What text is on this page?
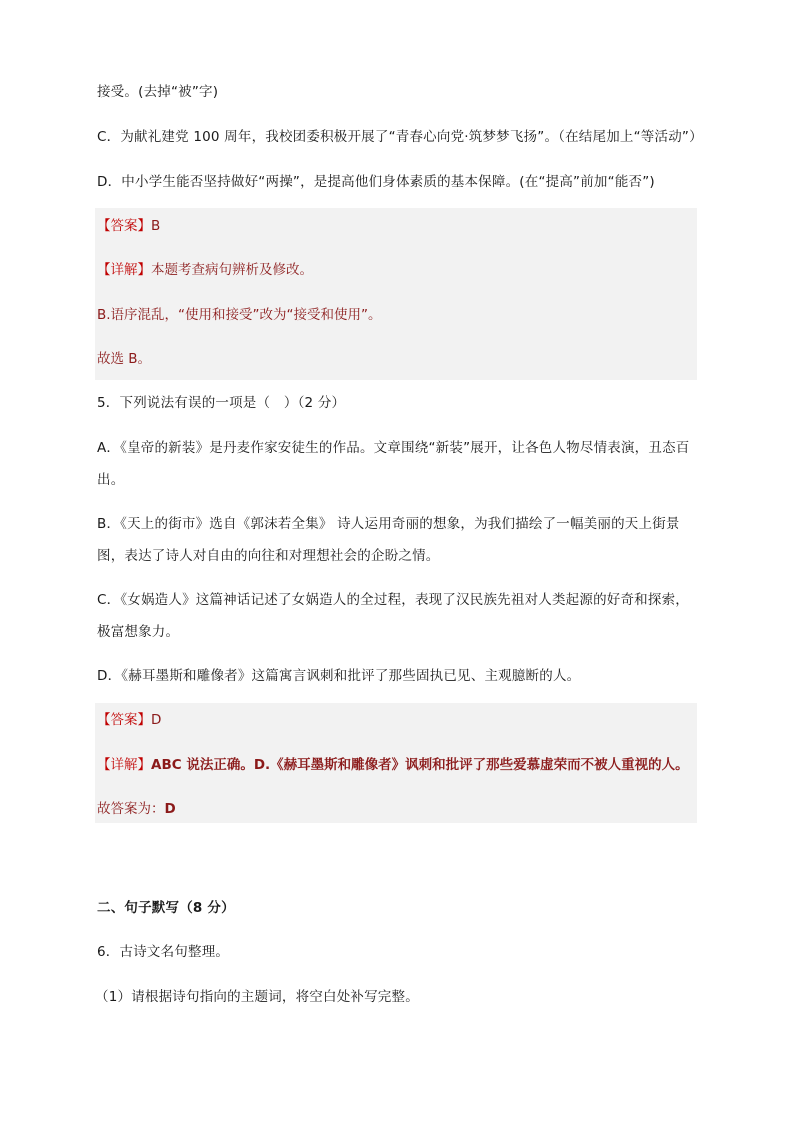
接受。(去掉“被”字)
C．为献礼建党 100 周年，我校团委积极开展了“青春心向党·筑梦梦飞扬”。（在结尾加上“等活动”）
D．中小学生能否坚持做好“两操”，是提高他们身体素质的基本保障。(在“提高”前加“能否”)
【答案】B
【详解】本题考查病句辨析及修改。
B.语序混乱，“使用和接受”改为“接受和使用”。
故选 B。
5．下列说法有误的一项是（　）（2 分）
A．《皇帝的新装》是丹麦作家安徒生的作品。文章围绕“新装”展开，让各色人物尽情表演，丑态百
出。
B．《天上的街市》选自《郭沫若全集》 诗人运用奇丽的想象，为我们描绘了一幅美丽的天上街景
图，表达了诗人对自由的向往和对理想社会的企盼之情。
C．《女娲造人》这篇神话记述了女娲造人的全过程，表现了汉民族先祖对人类起源的好奇和探索，
极富想象力。
D．《赫耳墨斯和雕像者》这篇寓言讽刺和批评了那些固执已见、主观臆断的人。
【答案】D
【详解】ABC 说法正确。D.《赫耳墨斯和雕像者》讽刺和批评了那些爱慕虚荣而不被人重视的人。
故答案为：D
二、句子默写（8 分）
6．古诗文名句整理。
（1）请根据诗句指向的主题词，将空白处补写完整。
